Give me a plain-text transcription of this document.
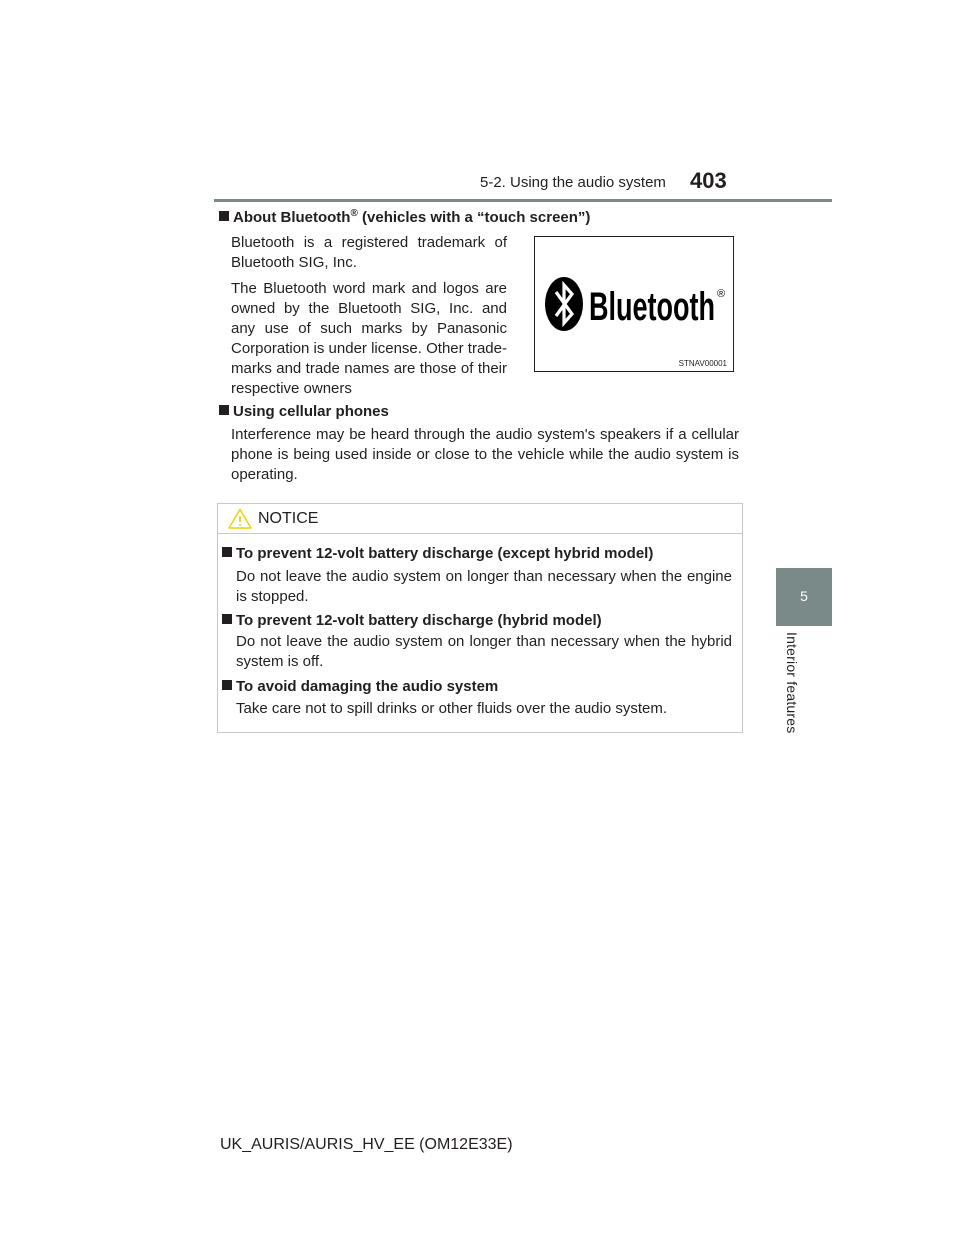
5-2. Using the audio system 403
5
Interior features
About Bluetooth® (vehicles with a “touch screen”)

Bluetooth is a registered trademark of Bluetooth SIG, Inc.

The Bluetooth word mark and logos are owned by the Bluetooth SIG, Inc. and any use of such marks by Panasonic Corporation is under license. Other trade-marks and trade names are those of their respective owners

Bluetooth ®
STNAV00001
Using cellular phones

Interference may be heard through the audio system's speakers if a cellular phone is being used inside or close to the vehicle while the audio system is operating.

NOTICE
To prevent 12-volt battery discharge (except hybrid model)

Do not leave the audio system on longer than necessary when the engine is stopped.

To prevent 12-volt battery discharge (hybrid model)

Do not leave the audio system on longer than necessary when the hybrid system is off.

To avoid damaging the audio system

Take care not to spill drinks or other fluids over the audio system.

UK_AURIS/AURIS_HV_EE (OM12E33E)
